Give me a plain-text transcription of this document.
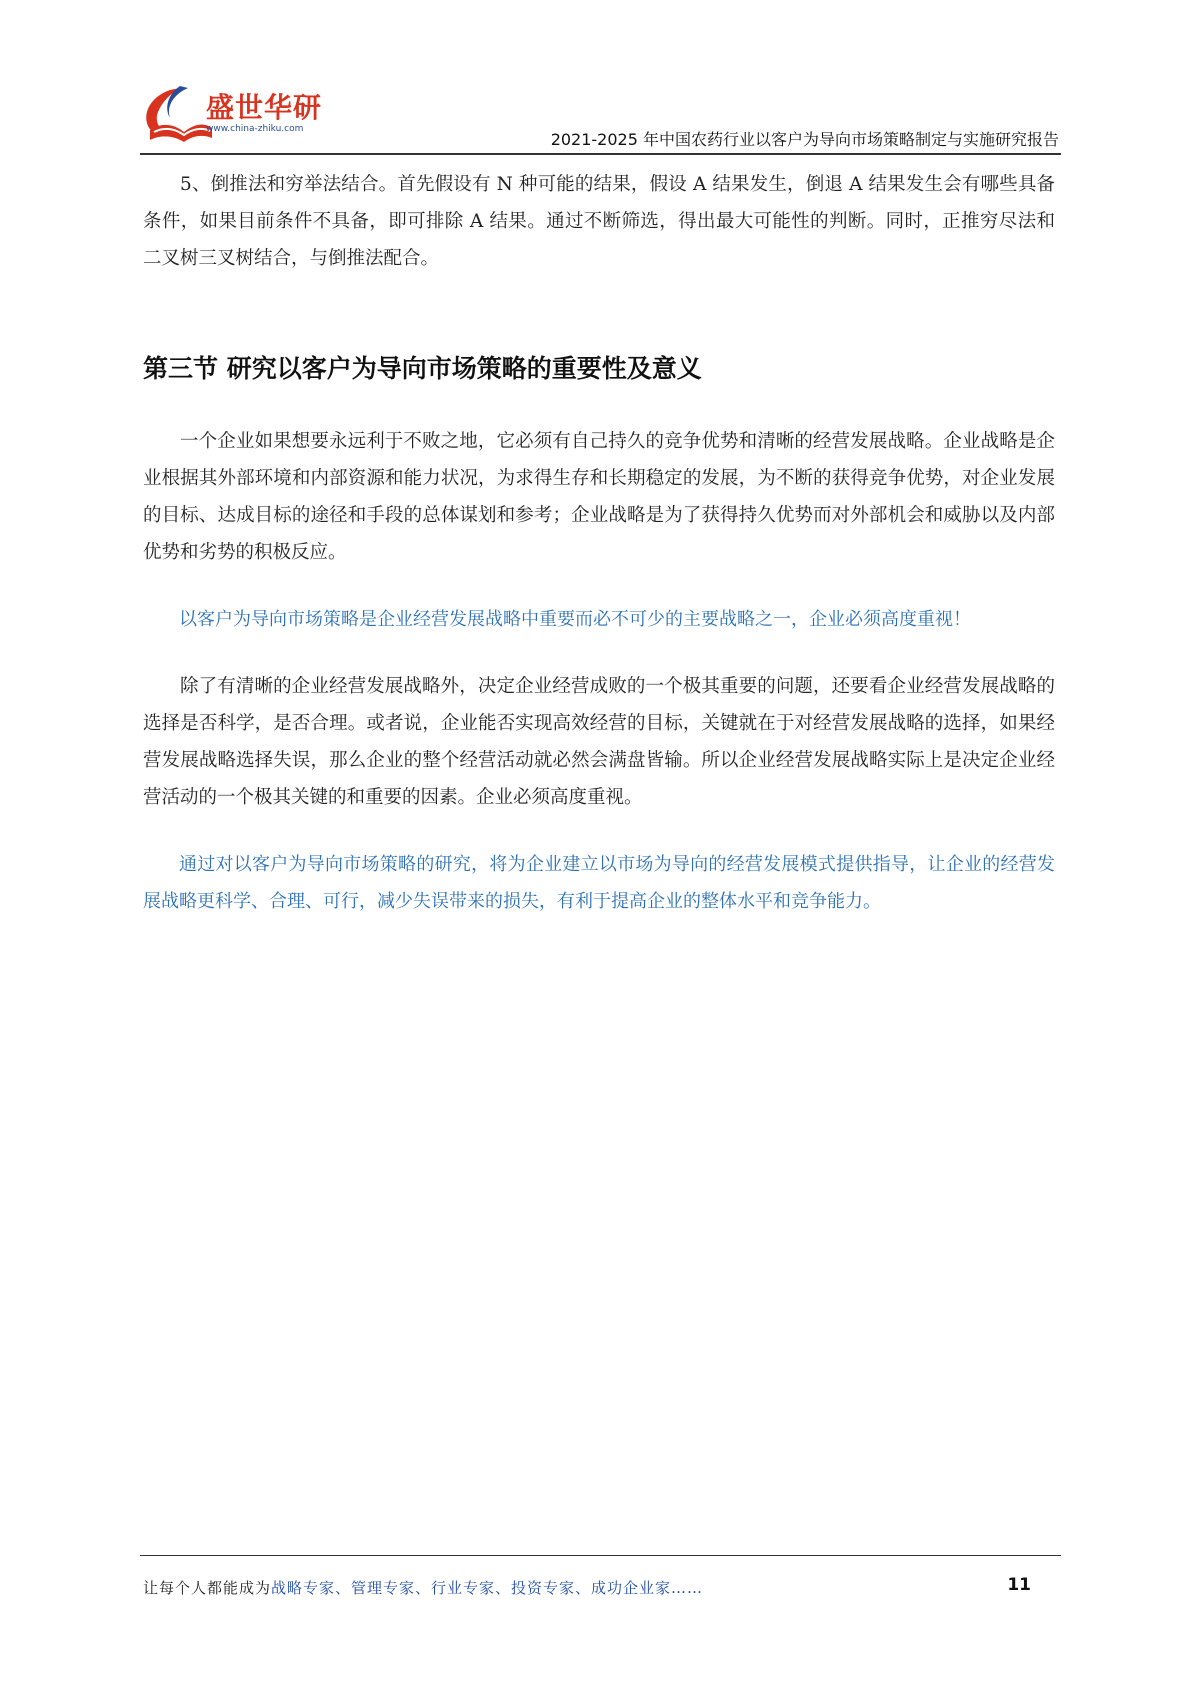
盛世华研
www.china-zhiku.com
2021-2025 年中国农药行业以客户为导向市场策略制定与实施研究报告

5、倒推法和穷举法结合。首先假设有 N 种可能的结果，假设 A 结果发生，倒退 A 结果发生会有哪些具备条件，如果目前条件不具备，即可排除 A 结果。通过不断筛选，得出最大可能性的判断。同时，正推穷尽法和二叉树三叉树结合，与倒推法配合。

第三节 研究以客户为导向市场策略的重要性及意义

一个企业如果想要永远利于不败之地，它必须有自己持久的竞争优势和清晰的经营发展战略。企业战略是企业根据其外部环境和内部资源和能力状况，为求得生存和长期稳定的发展，为不断的获得竞争优势，对企业发展的目标、达成目标的途径和手段的总体谋划和参考；企业战略是为了获得持久优势而对外部机会和威胁以及内部优势和劣势的积极反应。

以客户为导向市场策略是企业经营发展战略中重要而必不可少的主要战略之一，企业必须高度重视！

除了有清晰的企业经营发展战略外，决定企业经营成败的一个极其重要的问题，还要看企业经营发展战略的选择是否科学，是否合理。或者说，企业能否实现高效经营的目标，关键就在于对经营发展战略的选择，如果经营发展战略选择失误，那么企业的整个经营活动就必然会满盘皆输。所以企业经营发展战略实际上是决定企业经营活动的一个极其关键的和重要的因素。企业必须高度重视。

通过对以客户为导向市场策略的研究，将为企业建立以市场为导向的经营发展模式提供指导，让企业的经营发展战略更科学、合理、可行，减少失误带来的损失，有利于提高企业的整体水平和竞争能力。

让每个人都能成为战略专家、管理专家、行业专家、投资专家、成功企业家……	11
